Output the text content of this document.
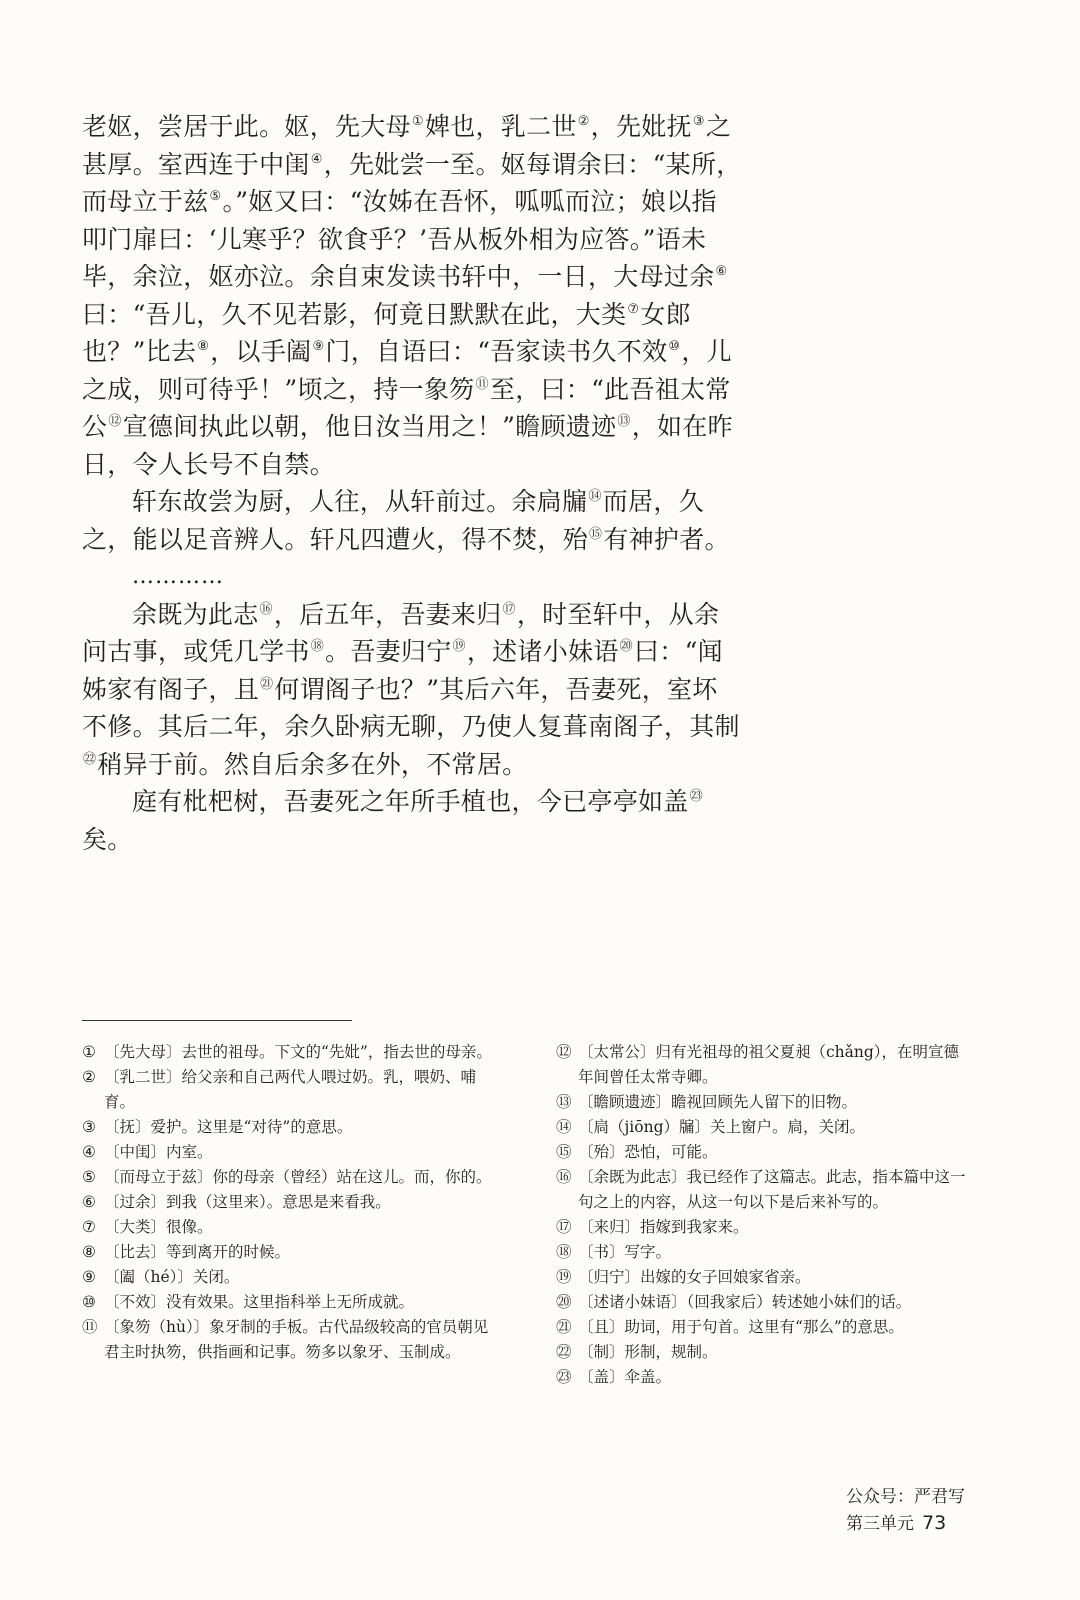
老妪，尝居于此。妪，先大母①婢也，乳二世②，先妣抚③之甚厚。室西连于中闺④，先妣尝一至。妪每谓余曰：“某所，而母立于兹⑤。”妪又曰：“汝姊在吾怀，呱呱而泣；娘以指叩门扉曰：‘儿寒乎？欲食乎？’吾从板外相为应答。”语未毕，余泣，妪亦泣。余自束发读书轩中，一日，大母过余⑥曰：“吾儿，久不见若影，何竟日默默在此，大类⑦女郎也？”比去⑧，以手阖⑨门，自语曰：“吾家读书久不效⑩，儿之成，则可待乎！”顷之，持一象笏⑪至，曰：“此吾祖太常公⑫宣德间执此以朝，他日汝当用之！”瞻顾遗迹⑬，如在昨日，令人长号不自禁。

轩东故尝为厨，人往，从轩前过。余扃牖⑭而居，久之，能以足音辨人。轩凡四遭火，得不焚，殆⑮有神护者。

…………

余既为此志⑯，后五年，吾妻来归⑰，时至轩中，从余问古事，或凭几学书⑱。吾妻归宁⑲，述诸小妹语⑳曰：“闻姊家有阁子，且$^㉑$何谓阁子也？”其后六年，吾妻死，室坏不修。其后二年，余久卧病无聊，乃使人复葺南阁子，其制$^㉒$稍异于前。然自后余多在外，不常居。

庭有枇杷树，吾妻死之年所手植也，今已亭亭如盖$^㉓$矣。

① 〔先大母〕去世的祖母。下文的“先妣”，指去世的母亲。
② 〔乳二世〕给父亲和自己两代人喂过奶。乳，喂奶、哺育。
③ 〔抚〕爱护。这里是“对待”的意思。
④ 〔中闺〕内室。
⑤ 〔而母立于兹〕你的母亲（曾经）站在这儿。而，你的。
⑥ 〔过余〕到我（这里来）。意思是来看我。
⑦ 〔大类〕很像。
⑧ 〔比去〕等到离开的时候。
⑨ 〔阖（hé）〕关闭。
⑩ 〔不效〕没有效果。这里指科举上无所成就。
⑪ 〔象笏（hù）〕象牙制的手板。古代品级较高的官员朝见君主时执笏，供指画和记事。笏多以象牙、玉制成。
⑫ 〔太常公〕归有光祖母的祖父夏昶（chǎng），在明宣德年间曾任太常寺卿。
⑬ 〔瞻顾遗迹〕瞻视回顾先人留下的旧物。
⑭ 〔扃（jiōng）牖〕关上窗户。扃，关闭。
⑮ 〔殆〕恐怕，可能。
⑯ 〔余既为此志〕我已经作了这篇志。此志，指本篇中这一句之上的内容，从这一句以下是后来补写的。
⑰ 〔来归〕指嫁到我家来。
⑱ 〔书〕写字。
⑲ 〔归宁〕出嫁的女子回娘家省亲。
⑳ 〔述诸小妹语〕（回我家后）转述她小妹们的话。
㉑ 〔且〕助词，用于句首。这里有“那么”的意思。
㉒ 〔制〕形制，规制。
㉓ 〔盖〕伞盖。

公众号：严君写

第三单元 73
